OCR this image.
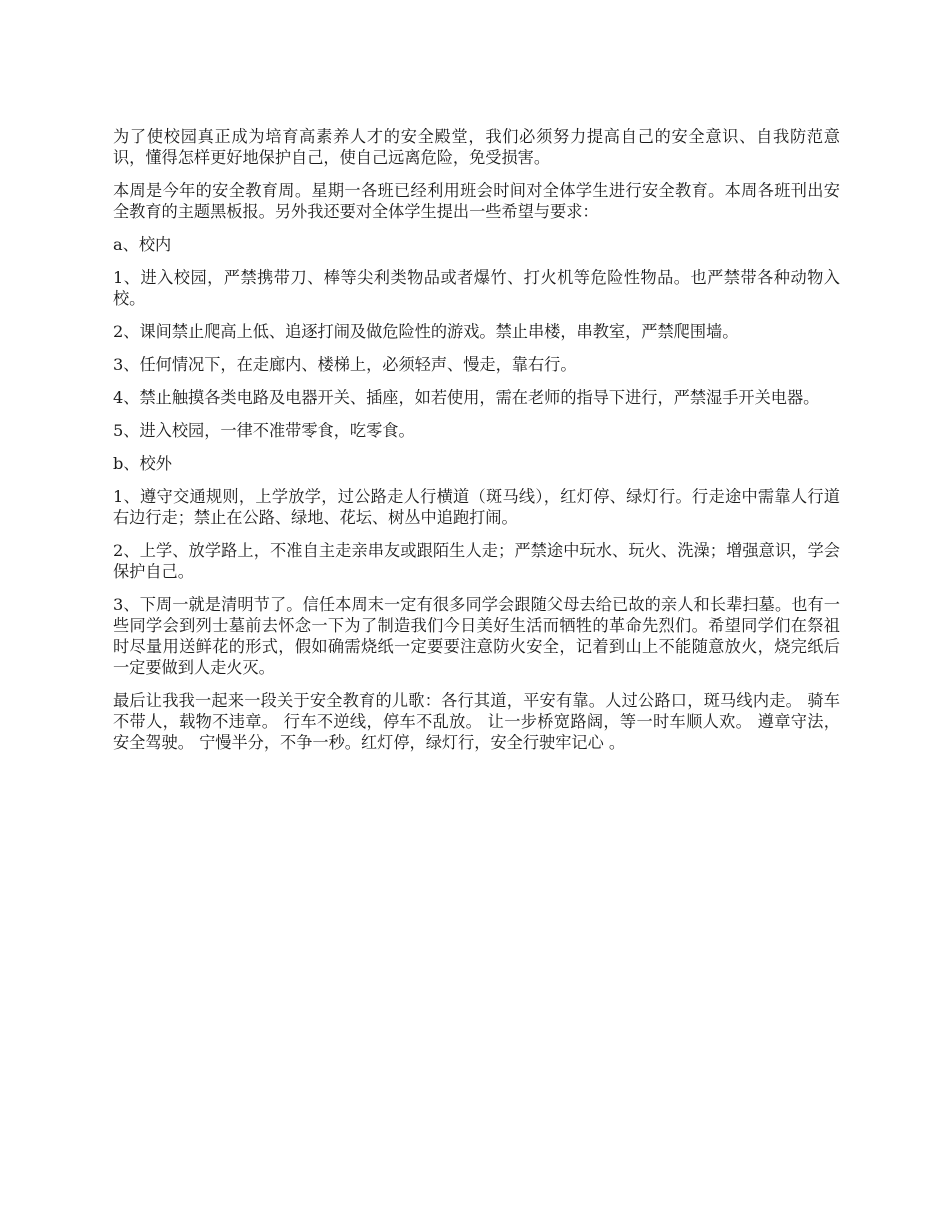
为了使校园真正成为培育高素养人才的安全殿堂，我们必须努力提高自己的安全意识、自我防范意识，懂得怎样更好地保护自己，使自己远离危险，免受损害。

本周是今年的安全教育周。星期一各班已经利用班会时间对全体学生进行安全教育。本周各班刊出安全教育的主题黑板报。另外我还要对全体学生提出一些希望与要求：

a、校内

1、进入校园，严禁携带刀、棒等尖利类物品或者爆竹、打火机等危险性物品。也严禁带各种动物入校。

2、课间禁止爬高上低、追逐打闹及做危险性的游戏。禁止串楼，串教室，严禁爬围墙。

3、任何情况下，在走廊内、楼梯上，必须轻声、慢走，靠右行。

4、禁止触摸各类电路及电器开关、插座，如若使用，需在老师的指导下进行，严禁湿手开关电器。

5、进入校园，一律不准带零食，吃零食。

b、校外

1、遵守交通规则，上学放学，过公路走人行横道（斑马线），红灯停、绿灯行。行走途中需靠人行道右边行走；禁止在公路、绿地、花坛、树丛中追跑打闹。

2、上学、放学路上，不准自主走亲串友或跟陌生人走；严禁途中玩水、玩火、洗澡；增强意识，学会保护自己。

3、下周一就是清明节了。信任本周末一定有很多同学会跟随父母去给已故的亲人和长辈扫墓。也有一些同学会到列士墓前去怀念一下为了制造我们今日美好生活而牺牲的革命先烈们。希望同学们在祭祖时尽量用送鲜花的形式，假如确需烧纸一定要要注意防火安全，记着到山上不能随意放火，烧完纸后一定要做到人走火灭。

最后让我我一起来一段关于安全教育的儿歌：各行其道，平安有靠。人过公路口，斑马线内走。 骑车不带人，载物不违章。 行车不逆线，停车不乱放。 让一步桥宽路阔，等一时车顺人欢。 遵章守法，安全驾驶。 宁慢半分，不争一秒。红灯停，绿灯行，安全行驶牢记心 。
